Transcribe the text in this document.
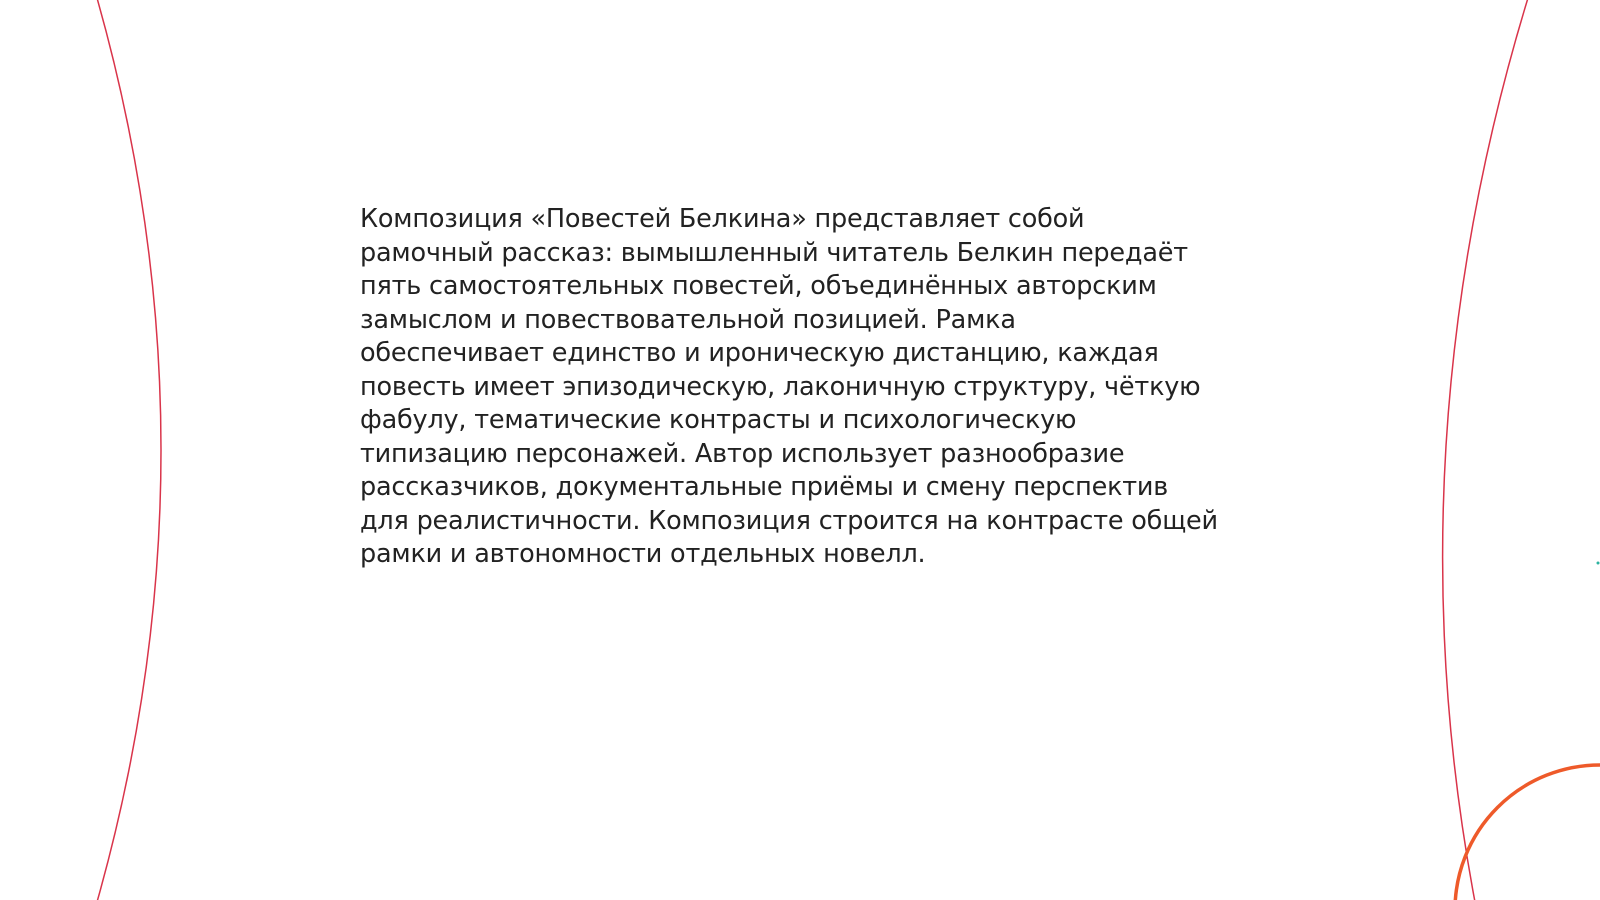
Композиция «Повестей Белкина» представляет собой
рамочный рассказ: вымышленный читатель Белкин передаёт
пять самостоятельных повестей, объединённых авторским
замыслом и повествовательной позицией. Рамка
обеспечивает единство и ироническую дистанцию, каждая
повесть имеет эпизодическую, лаконичную структуру, чёткую
фабулу, тематические контрасты и психологическую
типизацию персонажей. Автор использует разнообразие
рассказчиков, документальные приёмы и смену перспектив
для реалистичности. Композиция строится на контрасте общей
рамки и автономности отдельных новелл.
